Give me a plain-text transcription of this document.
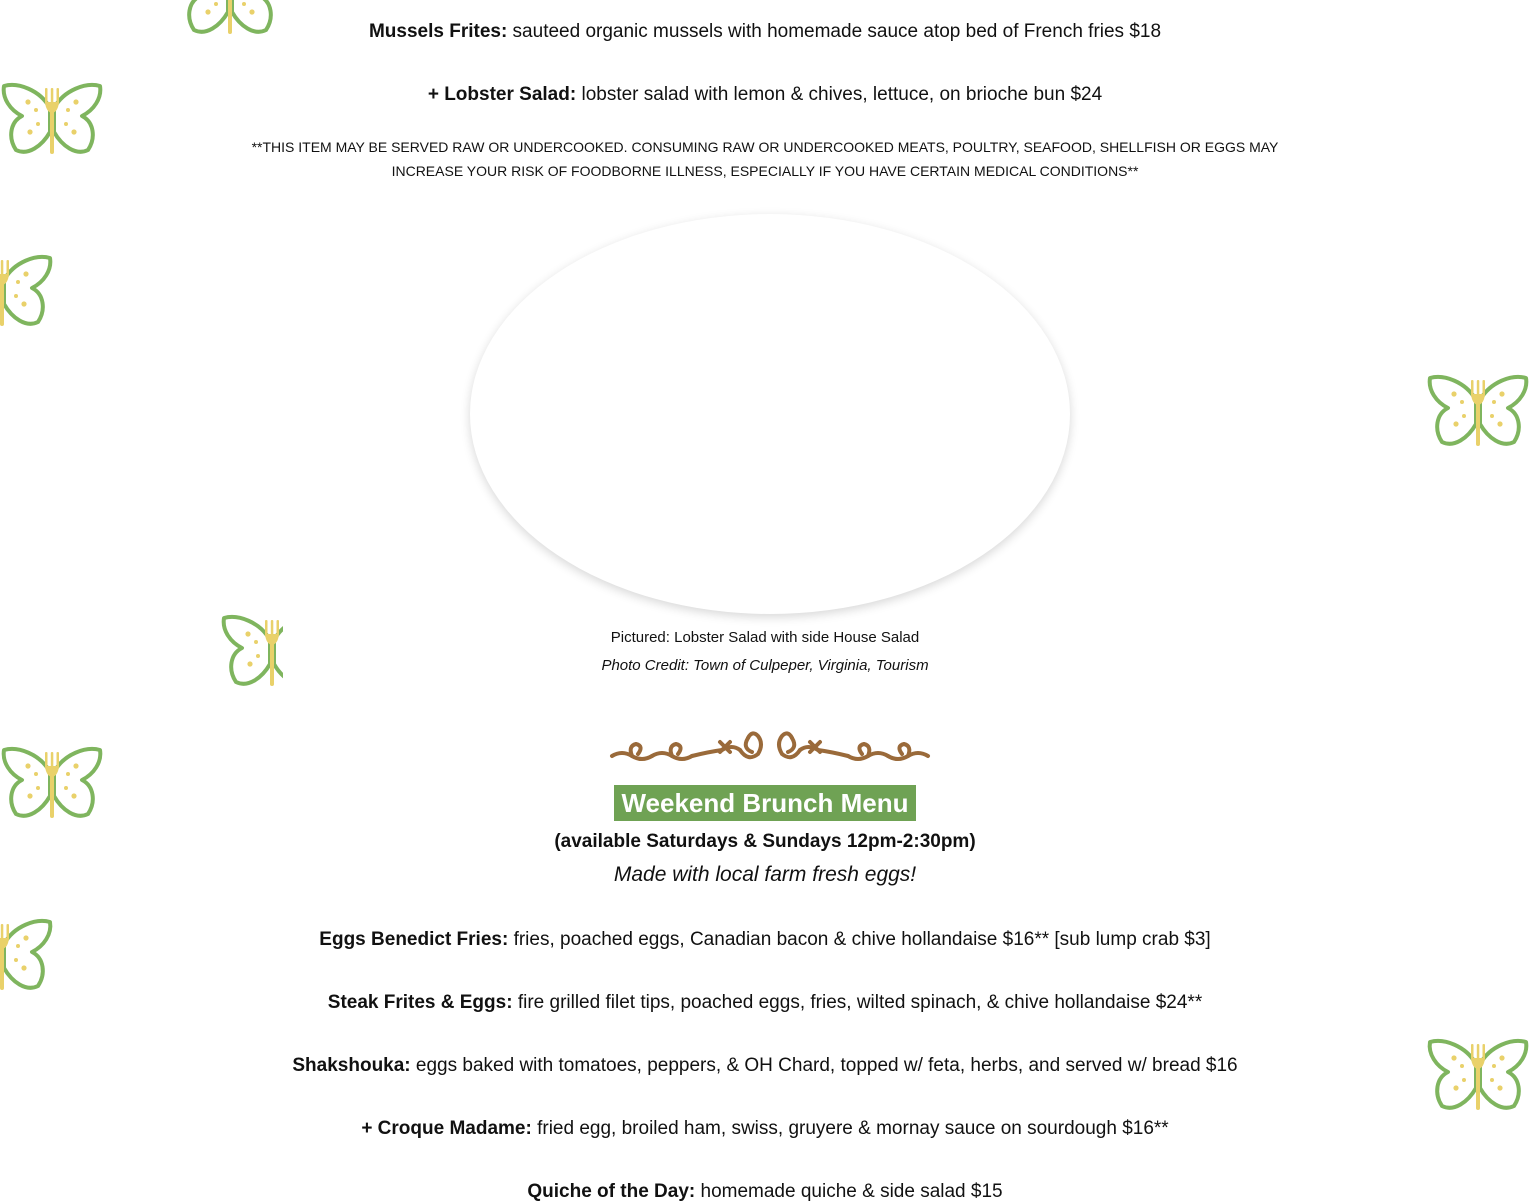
Mussels Frites: sauteed organic mussels with homemade sauce atop bed of French fries $18
+ Lobster Salad: lobster salad with lemon & chives, lettuce, on brioche bun $24
**THIS ITEM MAY BE SERVED RAW OR UNDERCOOKED. CONSUMING RAW OR UNDERCOOKED MEATS, POULTRY, SEAFOOD, SHELLFISH OR EGGS MAY
INCREASE YOUR RISK OF FOODBORNE ILLNESS, ESPECIALLY IF YOU HAVE CERTAIN MEDICAL CONDITIONS**
Pictured: Lobster Salad with side House Salad
Photo Credit: Town of Culpeper, Virginia, Tourism
Weekend Brunch Menu
(available Saturdays & Sundays 12pm-2:30pm)
Made with local farm fresh eggs!
Eggs Benedict Fries: fries, poached eggs, Canadian bacon & chive hollandaise $16** [sub lump crab $3]
Steak Frites & Eggs: fire grilled filet tips, poached eggs, fries, wilted spinach, & chive hollandaise $24**
Shakshouka: eggs baked with tomatoes, peppers, & OH Chard, topped w/ feta, herbs, and served w/ bread $16
+ Croque Madame: fried egg, broiled ham, swiss, gruyere & mornay sauce on sourdough $16**
Quiche of the Day: homemade quiche & side salad $15
